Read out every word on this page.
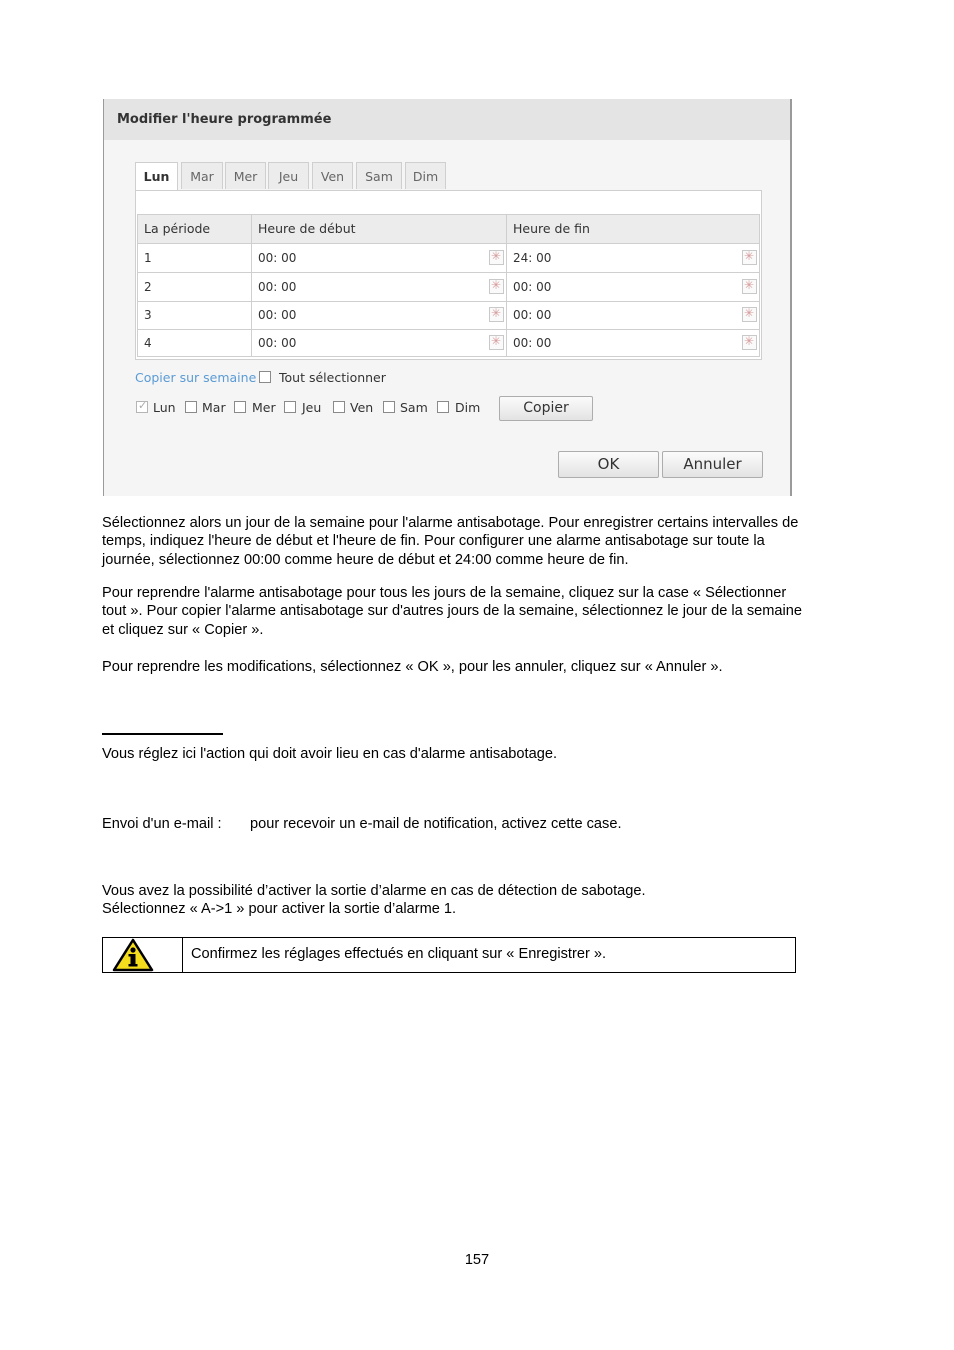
Modifier l'heure programmée
Lun	Mar	Mer	Jeu	Ven	Sam	Dim
La période	Heure de début	Heure de fin
1	00: 00 ✳	24: 00
✳
2	00: 00 ✳	00: 00
✳
3	00: 00 ✳	00: 00
✳
4	00: 00 ✳	00: 00
✳
Copier sur semaine Tout sélectionner
✓
Lun Mar Mer Jeu Ven Sam Dim	Copier
OK	Annuler
Sélectionnez alors un jour de la semaine pour l'alarme antisabotage. Pour enregistrer certains intervalles de
temps, indiquez l'heure de début et l'heure de fin. Pour configurer une alarme antisabotage sur toute la
journée, sélectionnez 00:00 comme heure de début et 24:00 comme heure de fin.
Pour reprendre l'alarme antisabotage pour tous les jours de la semaine, cliquez sur la case « Sélectionner
tout ». Pour copier l'alarme antisabotage sur d'autres jours de la semaine, sélectionnez le jour de la semaine
et cliquez sur « Copier ».
Pour reprendre les modifications, sélectionnez « OK », pour les annuler, cliquez sur « Annuler ».
Vous réglez ici l'action qui doit avoir lieu en cas d'alarme antisabotage.
Envoi d'un e-mail :	pour recevoir un e-mail de notification, activez cette case.
Vous avez la possibilité d’activer la sortie d’alarme en cas de détection de sabotage.
Sélectionnez « A->1 » pour activer la sortie d’alarme 1.
Confirmez les réglages effectués en cliquant sur « Enregistrer ».
157
